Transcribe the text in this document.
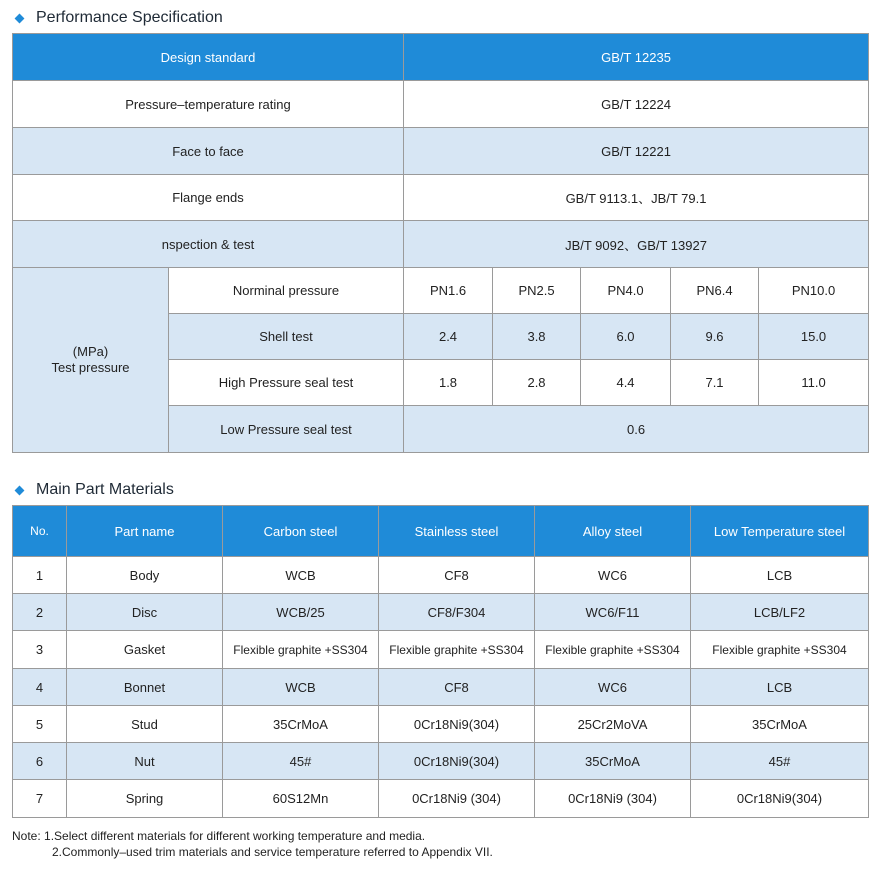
Performance Specification
Design standard		GB/T 12235				
Pressure–temperature rating		GB/T 12224				
Face to face		GB/T 12221				
Flange ends		GB/T 9113.1、JB/T 79.1				
nspection & test		JB/T 9092、GB/T 13927				

(MPa)
Test pressure	Norminal pressure	PN1.6	PN2.5	PN4.0	PN6.4	PN10.0
	Shell test	2.4	3.8	6.0	9.6	15.0
	High Pressure seal test	1.8	2.8	4.4	7.1	11.0
	Low Pressure seal test	0.6				
Main Part Materials
No.	Part name	Carbon steel	Stainless steel	Alloy steel	Low Temperature steel
1	Body	WCB	CF8	WC6	LCB
2	Disc	WCB/25	CF8/F304	WC6/F11	LCB/LF2
3	Gasket	Flexible graphite +SS304	Flexible graphite +SS304	Flexible graphite +SS304	Flexible graphite +SS304
4	Bonnet	WCB	CF8	WC6	LCB
5	Stud	35CrMoA	0Cr18Ni9(304)	25Cr2MoVA	35CrMoA
6	Nut	45#	0Cr18Ni9(304)	35CrMoA	45#
7	Spring	60S12Mn	0Cr18Ni9 (304)	0Cr18Ni9 (304)	0Cr18Ni9(304)
Note: 1.Select different materials for different working temperature and media.
2.Commonly–used trim materials and service temperature referred to Appendix VII.
